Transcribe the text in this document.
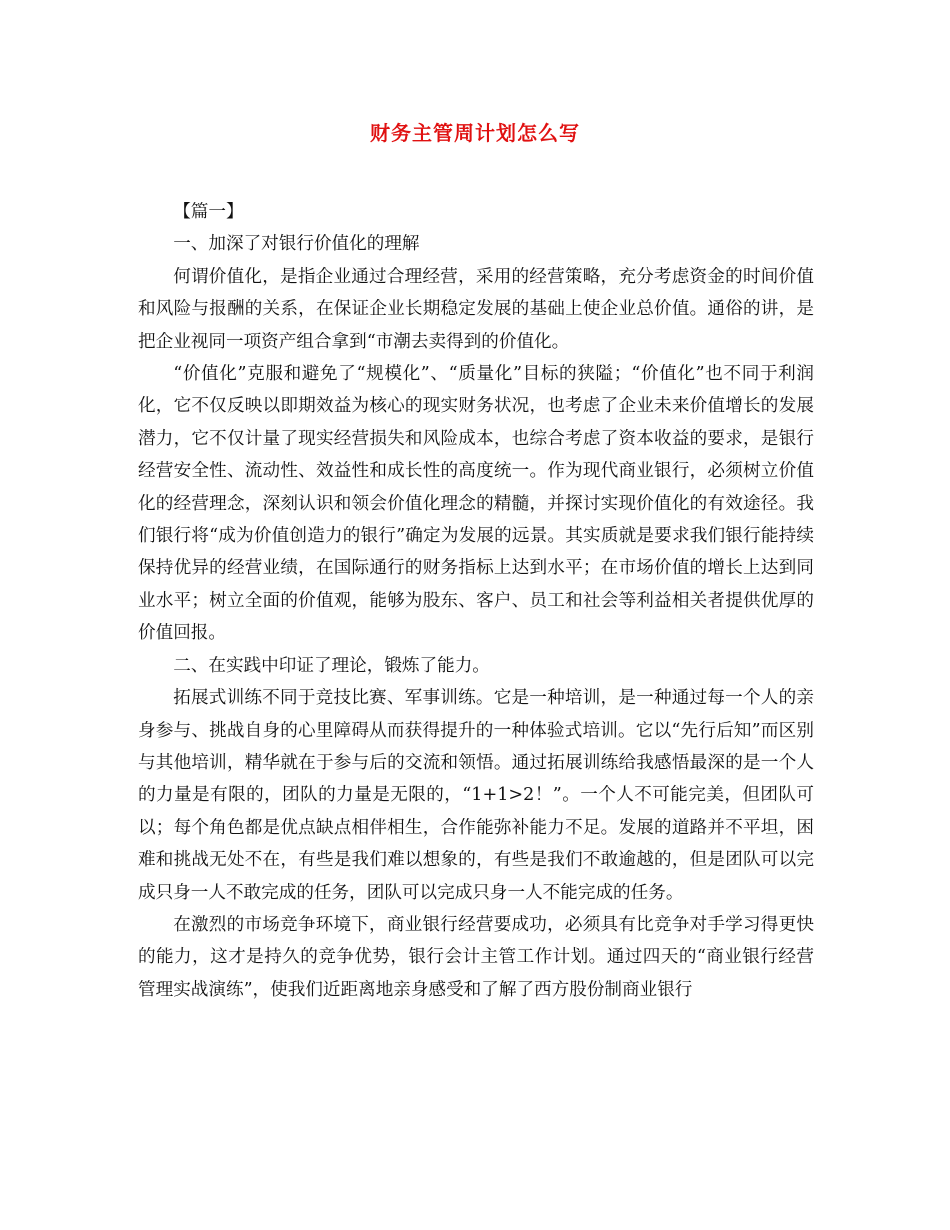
财务主管周计划怎么写

【篇一】

一、加深了对银行价值化的理解

何谓价值化，是指企业通过合理经营，采用的经营策略，充分考虑资金的时间价值和风险与报酬的关系，在保证企业长期稳定发展的基础上使企业总价值。通俗的讲，是把企业视同一项资产组合拿到“市潮去卖得到的价值化。

“价值化”克服和避免了“规模化”、“质量化”目标的狭隘；“价值化”也不同于利润化，它不仅反映以即期效益为核心的现实财务状况，也考虑了企业未来价值增长的发展潜力，它不仅计量了现实经营损失和风险成本，也综合考虑了资本收益的要求，是银行经营安全性、流动性、效益性和成长性的高度统一。作为现代商业银行，必须树立价值化的经营理念，深刻认识和领会价值化理念的精髓，并探讨实现价值化的有效途径。我们银行将“成为价值创造力的银行”确定为发展的远景。其实质就是要求我们银行能持续保持优异的经营业绩，在国际通行的财务指标上达到水平；在市场价值的增长上达到同业水平；树立全面的价值观，能够为股东、客户、员工和社会等利益相关者提供优厚的价值回报。

二、在实践中印证了理论，锻炼了能力。

拓展式训练不同于竞技比赛、军事训练。它是一种培训，是一种通过每一个人的亲身参与、挑战自身的心里障碍从而获得提升的一种体验式培训。它以“先行后知”而区别与其他培训，精华就在于参与后的交流和领悟。通过拓展训练给我感悟最深的是一个人的力量是有限的，团队的力量是无限的，“1+1>2！”。一个人不可能完美，但团队可以；每个角色都是优点缺点相伴相生，合作能弥补能力不足。发展的道路并不平坦，困难和挑战无处不在，有些是我们难以想象的，有些是我们不敢逾越的，但是团队可以完成只身一人不敢完成的任务，团队可以完成只身一人不能完成的任务。

在激烈的市场竞争环境下，商业银行经营要成功，必须具有比竞争对手学习得更快的能力，这才是持久的竞争优势，银行会计主管工作计划。通过四天的“商业银行经营管理实战演练”，使我们近距离地亲身感受和了解了西方股份制商业银行
